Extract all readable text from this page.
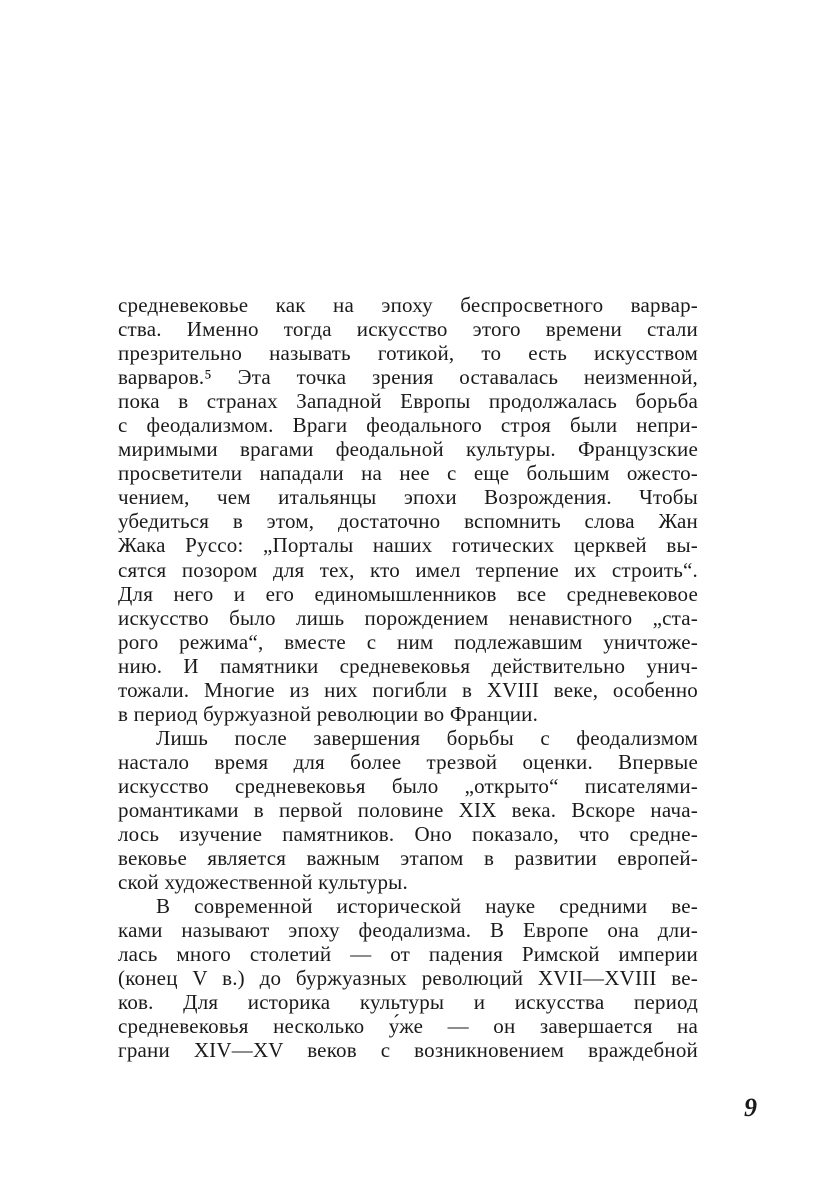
средневековье как на эпоху беспросветного варвар-
ства. Именно тогда искусство этого времени стали
презрительно называть готикой, то есть искусством
варваров.⁵ Эта точка зрения оставалась неизменной,
пока в странах Западной Европы продолжалась борьба
с феодализмом. Враги феодального строя были непри-
миримыми врагами феодальной культуры. Французские
просветители нападали на нее с еще большим ожесто-
чением, чем итальянцы эпохи Возрождения. Чтобы
убедиться в этом, достаточно вспомнить слова Жан
Жака Руссо: „Порталы наших готических церквей вы-
сятся позором для тех, кто имел терпение их строить“.
Для него и его единомышленников все средневековое
искусство было лишь порождением ненавистного „ста-
рого режима“, вместе с ним подлежавшим уничтоже-
нию. И памятники средневековья действительно унич-
тожали. Многие из них погибли в XVIII веке, особенно
в период буржуазной революции во Франции.

Лишь после завершения борьбы с феодализмом
настало время для более трезвой оценки. Впервые
искусство средневековья было „открыто“ писателями-
романтиками в первой половине XIX века. Вскоре нача-
лось изучение памятников. Оно показало, что средне-
вековье является важным этапом в развитии европей-
ской художественной культуры.

В современной исторической науке средними ве-
ками называют эпоху феодализма. В Европе она дли-
лась много столетий — от падения Римской империи
(конец V в.) до буржуазных революций XVII—XVIII ве-
ков. Для историка культуры и искусства период
средневековья несколько у́же — он завершается на
грани XIV—XV веков с возникновением враждебной

9
